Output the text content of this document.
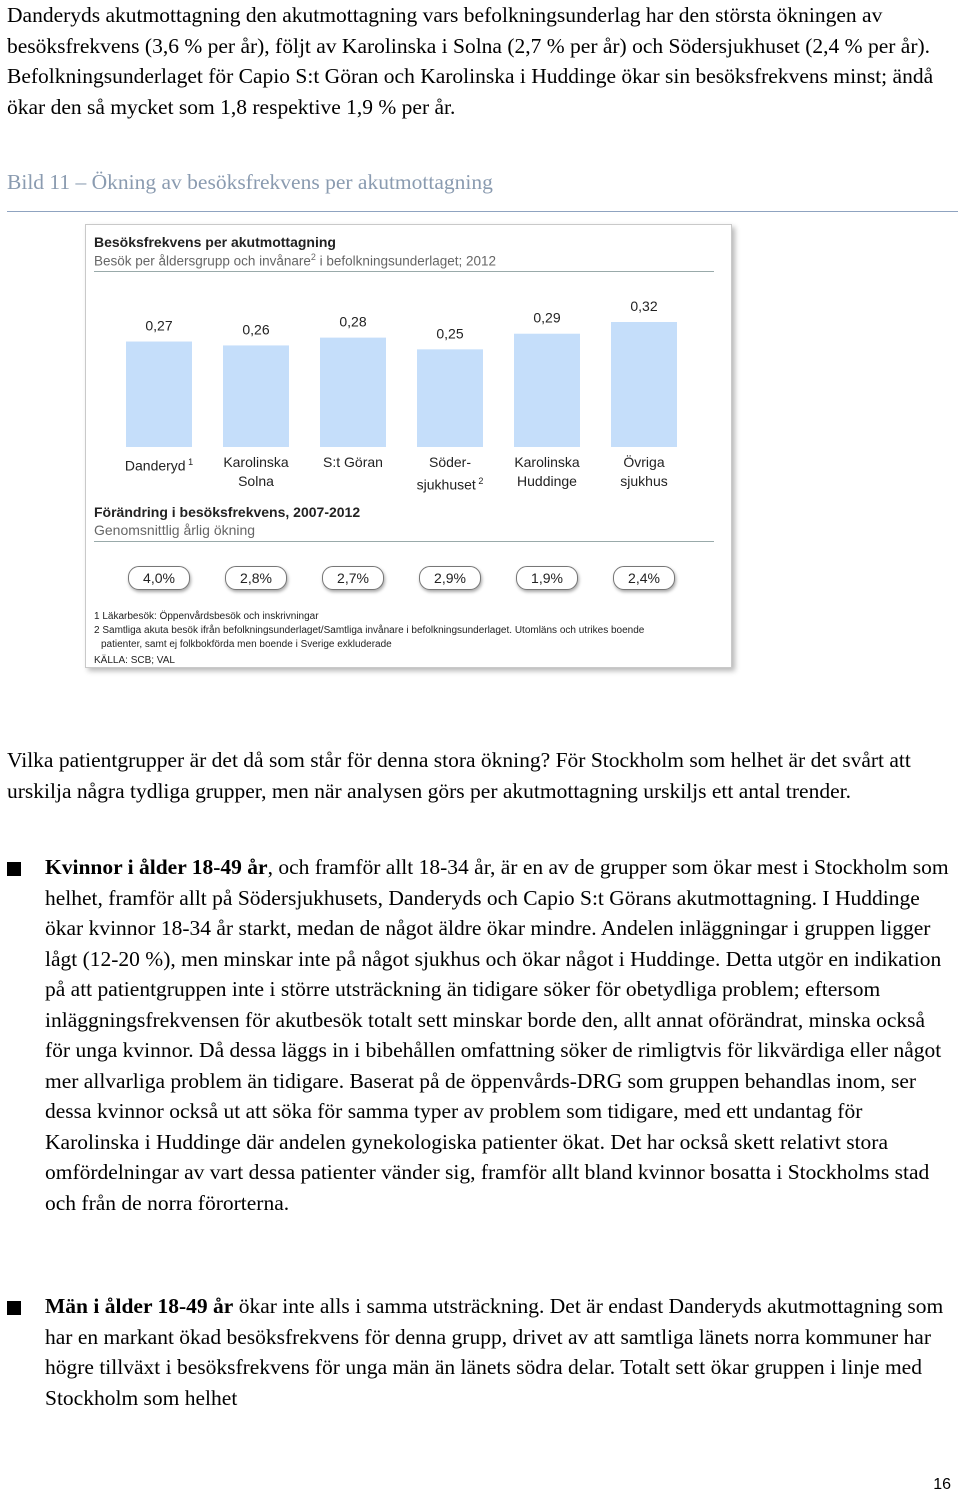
Danderyds akutmottagning den akutmottagning vars befolkningsunderlag har den största ökningen av besöksfrekvens (3,6 % per år), följt av Karolinska i Solna (2,7 % per år) och Södersjukhuset (2,4 % per år). Befolkningsunderlaget för Capio S:t Göran och Karolinska i Huddinge ökar sin besöksfrekvens minst; ändå ökar den så mycket som 1,8 respektive 1,9 % per år.

Bild 11 – Ökning av besöksfrekvens per akutmottagning

Besöksfrekvens per akutmottagning
Besök per åldersgrupp och invånare$^2$ i befolkningsunderlaget; 2012
0,27	0,26	0,28
0,25
0,29
0,32
Danderyd $^1$	Karolinska
Solna
S:t Göran	Söder-
sjukhuset $^2$
Karolinska
Huddinge
Övriga
sjukhus
Förändring i besöksfrekvens, 2007-2012
Genomsnittlig årlig ökning
4,0%	2,8%	2,7%	2,9%	1,9%	2,4%
1 Läkarbesök: Öppenvårdsbesök och inskrivningar
2 Samtliga akuta besök ifrån befolkningsunderlaget/Samtliga invånare i befolkningsunderlaget. Utomläns och utrikes boende
patienter, samt ej folkbokförda men boende i Sverige exkluderade
KÄLLA: SCB; VAL

Vilka patientgrupper är det då som står för denna stora ökning? För Stockholm som helhet är det svårt att urskilja några tydliga grupper, men när analysen görs per akutmottagning urskiljs ett antal trender.

Kvinnor i ålder 18-49 år, och framför allt 18-34 år, är en av de grupper som ökar mest i Stockholm som helhet, framför allt på Södersjukhusets, Danderyds och Capio S:t Görans akutmottagning. I Huddinge ökar kvinnor 18-34 år starkt, medan de något äldre ökar mindre. Andelen inläggningar i gruppen ligger lågt (12-20 %), men minskar inte på något sjukhus och ökar något i Huddinge. Detta utgör en indikation på att patientgruppen inte i större utsträckning än tidigare söker för obetydliga problem; eftersom inläggningsfrekvensen för akutbesök totalt sett minskar borde den, allt annat oförändrat, minska också för unga kvinnor. Då dessa läggs in i bibehållen omfattning söker de rimligtvis för likvärdiga eller något mer allvarliga problem än tidigare. Baserat på de öppenvårds-DRG som gruppen behandlas inom, ser dessa kvinnor också ut att söka för samma typer av problem som tidigare, med ett undantag för Karolinska i Huddinge där andelen gynekologiska patienter ökat. Det har också skett relativt stora omfördelningar av vart dessa patienter vänder sig, framför allt bland kvinnor bosatta i Stockholms stad och från de norra förorterna.

Män i ålder 18-49 år ökar inte alls i samma utsträckning. Det är endast Danderyds akutmottagning som har en markant ökad besöksfrekvens för denna grupp, drivet av att samtliga länets norra kommuner har högre tillväxt i besöksfrekvens för unga män än länets södra delar. Totalt sett ökar gruppen i linje med Stockholm som helhet

16
